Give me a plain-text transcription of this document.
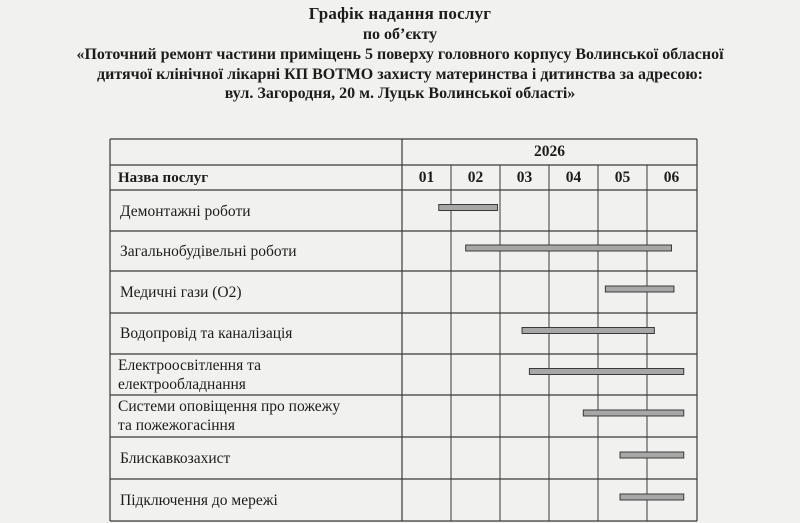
Графік надання послуг
по об’єкту
«Поточний ремонт частини приміщень 5 поверху головного корпусу Волинської обласної
дитячої клінічної лікарні КП ВОТМО захисту материнства і дитинства за адресою:
вул. Загородня, 20 м. Луцьк Волинської області»
2026
Назва послуг	01	02	03	04	05	06
Демонтажні роботи
Загальнобудівельні роботи
Медичні гази (О2)
Водопровід та каналізація
Електроосвітлення та
електрообладнання
Системи оповіщення про пожежу
та пожежогасіння
Блискавкозахист
Підключення до мережі
